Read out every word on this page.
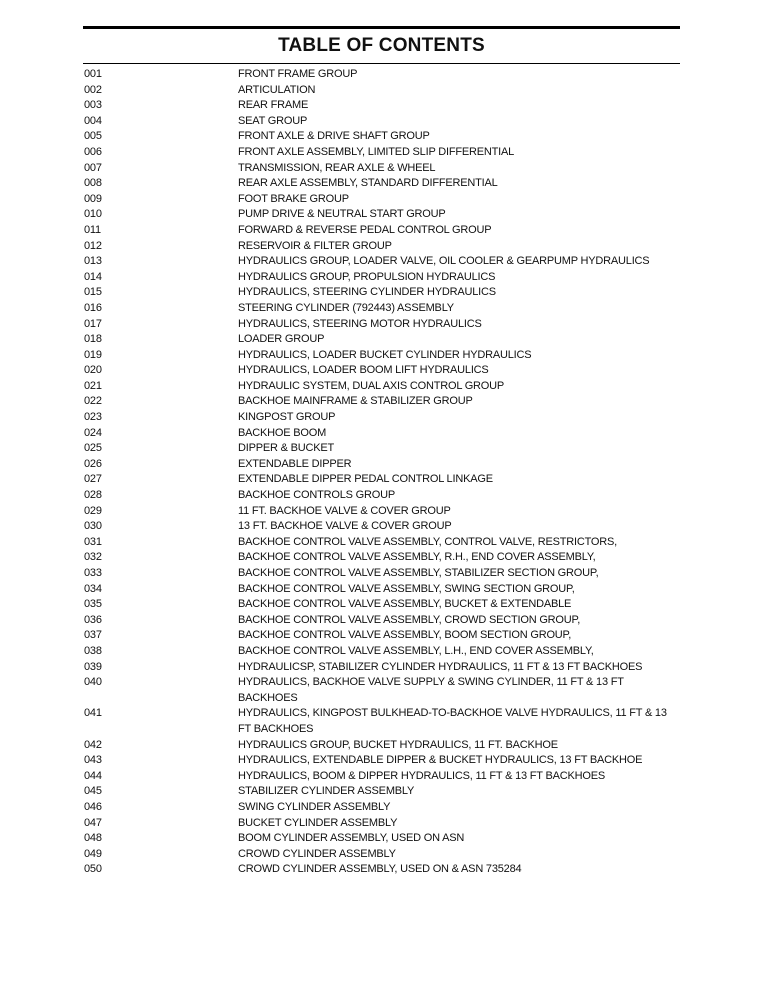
TABLE OF CONTENTS
001	FRONT FRAME GROUP
002	ARTICULATION
003	REAR FRAME
004	SEAT GROUP
005	FRONT AXLE & DRIVE SHAFT GROUP
006	FRONT AXLE ASSEMBLY, LIMITED SLIP DIFFERENTIAL
007	TRANSMISSION, REAR AXLE & WHEEL
008	REAR AXLE ASSEMBLY, STANDARD DIFFERENTIAL
009	FOOT BRAKE GROUP
010	PUMP DRIVE & NEUTRAL START GROUP
011	FORWARD & REVERSE PEDAL CONTROL GROUP
012	RESERVOIR & FILTER GROUP
013	HYDRAULICS GROUP, LOADER VALVE, OIL COOLER & GEARPUMP HYDRAULICS
014	HYDRAULICS GROUP, PROPULSION HYDRAULICS
015	HYDRAULICS, STEERING CYLINDER HYDRAULICS
016	STEERING CYLINDER (792443) ASSEMBLY
017	HYDRAULICS, STEERING MOTOR HYDRAULICS
018	LOADER GROUP
019	HYDRAULICS, LOADER BUCKET CYLINDER HYDRAULICS
020	HYDRAULICS, LOADER BOOM LIFT HYDRAULICS
021	HYDRAULIC SYSTEM, DUAL AXIS CONTROL GROUP
022	BACKHOE MAINFRAME & STABILIZER GROUP
023	KINGPOST GROUP
024	BACKHOE BOOM
025	DIPPER & BUCKET
026	EXTENDABLE DIPPER
027	EXTENDABLE DIPPER PEDAL CONTROL LINKAGE
028	BACKHOE CONTROLS GROUP
029	11 FT. BACKHOE VALVE & COVER GROUP
030	13 FT. BACKHOE VALVE & COVER GROUP
031	BACKHOE CONTROL VALVE ASSEMBLY, CONTROL VALVE, RESTRICTORS,
032	BACKHOE CONTROL VALVE ASSEMBLY, R.H., END COVER ASSEMBLY,
033	BACKHOE CONTROL VALVE ASSEMBLY, STABILIZER SECTION GROUP,
034	BACKHOE CONTROL VALVE ASSEMBLY, SWING SECTION GROUP,
035	BACKHOE CONTROL VALVE ASSEMBLY, BUCKET & EXTENDABLE
036	BACKHOE CONTROL VALVE ASSEMBLY, CROWD SECTION GROUP,
037	BACKHOE CONTROL VALVE ASSEMBLY, BOOM SECTION GROUP,
038	BACKHOE CONTROL VALVE ASSEMBLY, L.H., END COVER ASSEMBLY,
039	HYDRAULICSP, STABILIZER CYLINDER HYDRAULICS, 11 FT & 13 FT BACKHOES
040	HYDRAULICS, BACKHOE VALVE SUPPLY & SWING CYLINDER, 11 FT & 13 FT BACKHOES
041	HYDRAULICS, KINGPOST BULKHEAD-TO-BACKHOE VALVE HYDRAULICS, 11 FT & 13 FT BACKHOES
042	HYDRAULICS GROUP, BUCKET HYDRAULICS, 11 FT. BACKHOE
043	HYDRAULICS, EXTENDABLE DIPPER & BUCKET HYDRAULICS, 13 FT BACKHOE
044	HYDRAULICS, BOOM & DIPPER HYDRAULICS, 11 FT & 13 FT BACKHOES
045	STABILIZER CYLINDER ASSEMBLY
046	SWING CYLINDER ASSEMBLY
047	BUCKET CYLINDER ASSEMBLY
048	BOOM CYLINDER ASSEMBLY, USED ON ASN
049	CROWD CYLINDER ASSEMBLY
050	CROWD CYLINDER ASSEMBLY, USED ON & ASN 735284
